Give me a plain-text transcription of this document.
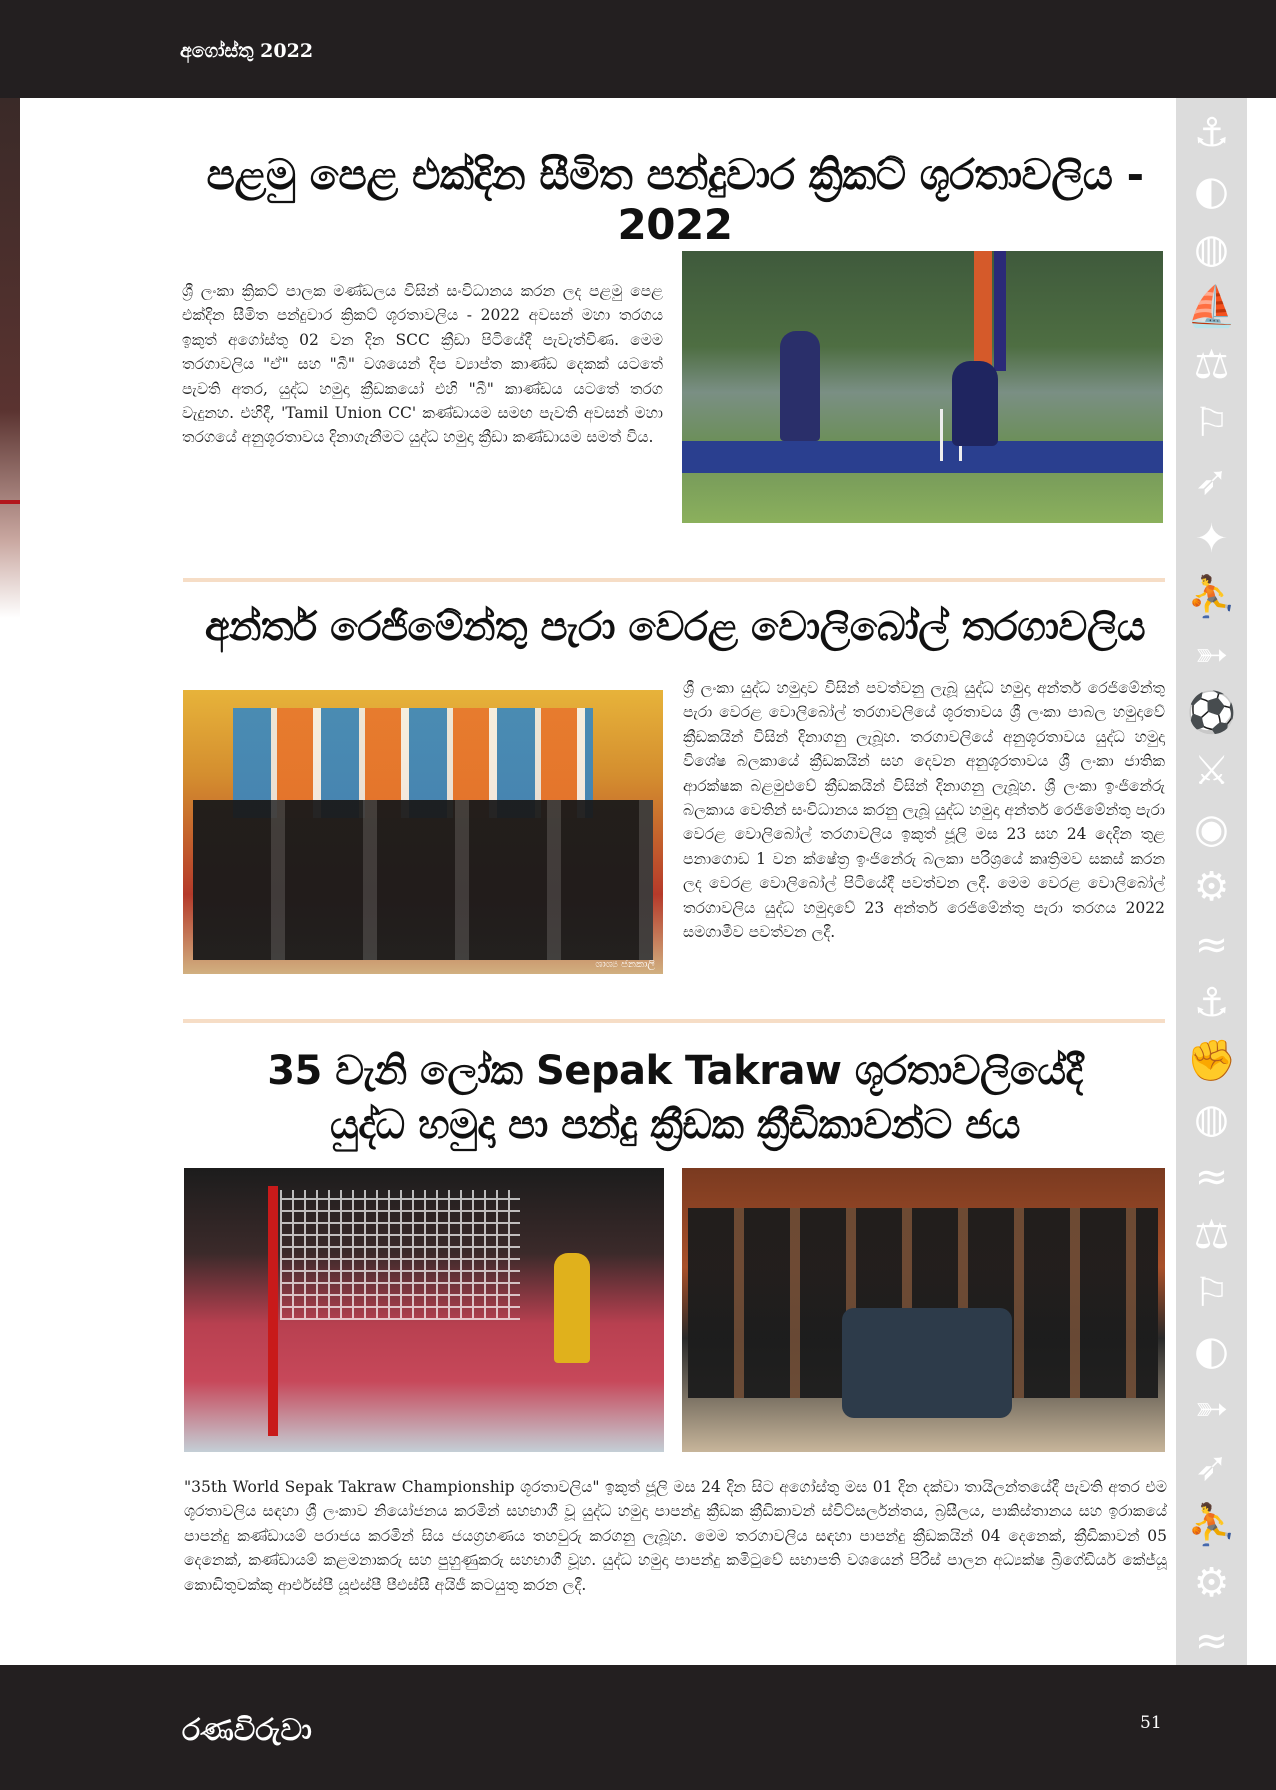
අගෝස්තු 2022
⚓
◐
◍
⛵
⚖
⚐
➶
✦
⛹
➳
⚽
⚔
◉
⚙
≈
⚓
✊
◍
≈
⚖
⚐
◐
➳
➶
⛹
⚙
≈
පළමු පෙළ එක්දින සීමිත පන්දුවාර ක්‍රිකට් ශූරතාවලිය - 2022

ශ්‍රී ලංකා ක්‍රිකට් පාලක මණ්ඩලය විසින් සංවිධානය කරන ලද පළමු පෙළ එක්දින සීමිත පන්දුවාර ක්‍රිකට් ශූරතාවලිය - 2022 අවසන් මහා තරගය ඉකුත් අගෝස්තු 02 වන දින SCC ක්‍රීඩා පිටියේදී පැවැත්විණ. මෙම තරගාවලිය "ඒ" සහ "බී" වශයෙන් දිප ව්‍යාප්ත කාණ්ඩ දෙකක් යටතේ පැවති අතර, යුද්ධ හමුදා ක්‍රීඩකයෝ එහි "බී" කාණ්ඩය යටතේ තරග වැදුනහ. එහිදී, 'Tamil Union CC' කණ්ඩායම සමඟ පැවති අවසන් මහා තරගයේ අනුශූරතාවය දිනාගැනීමට යුද්ධ හමුදා ක්‍රීඩා කණ්ඩායම සමත් විය.

අන්තර් රෙජිමේන්තු පැරා වෙරළ වොලිබෝල් තරගාවලිය
ශාශ්‍ය ජනකාලි

ශ්‍රී ලංකා යුද්ධ හමුදාව විසින් පවත්වනු ලැබූ යුද්ධ හමුදා අන්තර් රෙජිමේන්තු පැරා වෙරළ වොලිබෝල් තරගාවලියේ ශූරතාවය ශ්‍රී ලංකා පාබල හමුදාවේ ක්‍රීඩකයින් විසින් දිනාගනු ලැබූහ. තරගාවලියේ අනුශූරතාවය යුද්ධ හමුදා විශේෂ බලකායේ ක්‍රීඩකයින් සහ දෙවන අනුශූරතාවය ශ්‍රී ලංකා ජාතික ආරක්ෂක බළමුළුවේ ක්‍රීඩකයින් විසින් දිනාගනු ලැබූහ. ශ්‍රී ලංකා ඉංජිනේරු බලකාය වෙතින් සංවිධානය කරනු ලැබූ යුද්ධ හමුදා අන්තර් රෙජිමේන්තු පැරා වෙරළ වොලිබෝල් තරගාවලිය ඉකුත් ජූලි මස 23 සහ 24 දෙදින තුළ පනාගොඩ 1 වන ක්ෂේත්‍ර ඉංජිනේරු බලකා පරිශ්‍රයේ කෘත්‍රිමව සකස් කරන ලද වෙරළ වොලිබෝල් පිටියේදී පවත්වන ලදී. මෙම වෙරළ වොලිබෝල් තරගාවලිය යුද්ධ හමුදාවේ 23 අන්තර් රෙජිමේන්තු පැරා තරගය 2022 සමගාමීව පවත්වන ලදී.

35 වැනි ලෝක Sepak Takraw ශූරතාවලියේදී
යුද්ධ හමුදා පා පන්දු ක්‍රීඩක ක්‍රීඩිකාවන්ට ජය

"35th World Sepak Takraw Championship ශූරතාවලිය" ඉකුත් ජූලි මස 24 දින සිට අගෝස්තු මස 01 දින දක්වා තායිලන්තයේදී පැවති අතර එම ශූරතාවලිය සඳහා ශ්‍රී ලංකාව නියෝජනය කරමින් සහභාගී වූ යුද්ධ හමුදා පාපන්දු ක්‍රීඩක ක්‍රීඩිකාවන් ස්විට්සර්ලන්තය, බ්‍රසීලය, පාකිස්තානය සහ ඉරාකයේ පාපන්දු කණ්ඩායම් පරාජය කරමින් සිය ජයග්‍රහණය තහවුරු කරගනු ලැබූහ. මෙම තරගාවලිය සඳහා පාපන්දු ක්‍රීඩකයින් 04 දෙනෙක්, ක්‍රීඩිකාවන් 05 දෙනෙක්, කණ්ඩායම් කළමනාකරු සහ පුහුණුකරු සහභාගී වූහ. යුද්ධ හමුදා පාපන්දු කමිටුවේ සභාපති වශයෙන් පිරිස් පාලන අධ්‍යක්ෂ බ්‍රිගේඩියර් කේජ්යූ කොඩිතුවක්කු ආර්එස්පී යූඑස්පී පීඑස්සී අයිජී කටයුතු කරන ලදී.

රණවිරුවා	51
